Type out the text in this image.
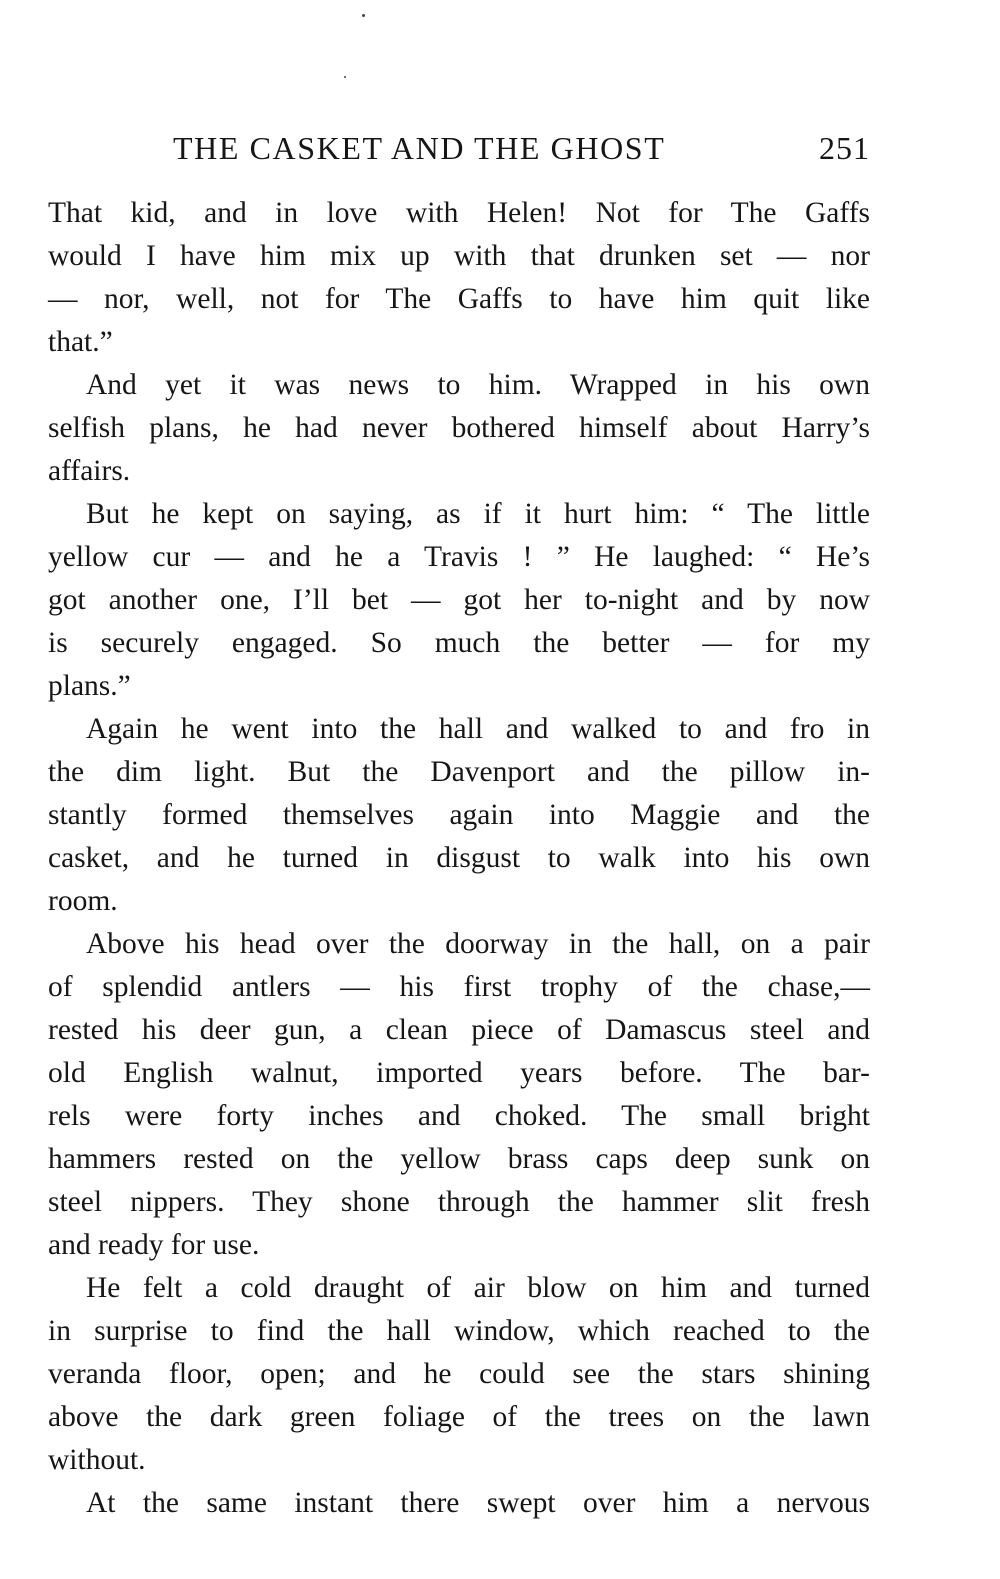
THE CASKET AND THE GHOST	251
That kid, and in love with Helen! Not for The Gaffs
would I have him mix up with that drunken set — nor
— nor, well, not for The Gaffs to have him quit like
that.”
And yet it was news to him. Wrapped in his own
selfish plans, he had never bothered himself about Harry’s
affairs.
But he kept on saying, as if it hurt him: “ The little
yellow cur — and he a Travis ! ” He laughed: “ He’s
got another one, I’ll bet — got her to-night and by now
is securely engaged. So much the better — for my
plans.”
Again he went into the hall and walked to and fro in
the dim light. But the Davenport and the pillow in-
stantly formed themselves again into Maggie and the
casket, and he turned in disgust to walk into his own
room.
Above his head over the doorway in the hall, on a pair
of splendid antlers — his first trophy of the chase,—
rested his deer gun, a clean piece of Damascus steel and
old English walnut, imported years before. The bar-
rels were forty inches and choked. The small bright
hammers rested on the yellow brass caps deep sunk on
steel nippers. They shone through the hammer slit fresh
and ready for use.
He felt a cold draught of air blow on him and turned
in surprise to find the hall window, which reached to the
veranda floor, open; and he could see the stars shining
above the dark green foliage of the trees on the lawn
without.
At the same instant there swept over him a nervous
